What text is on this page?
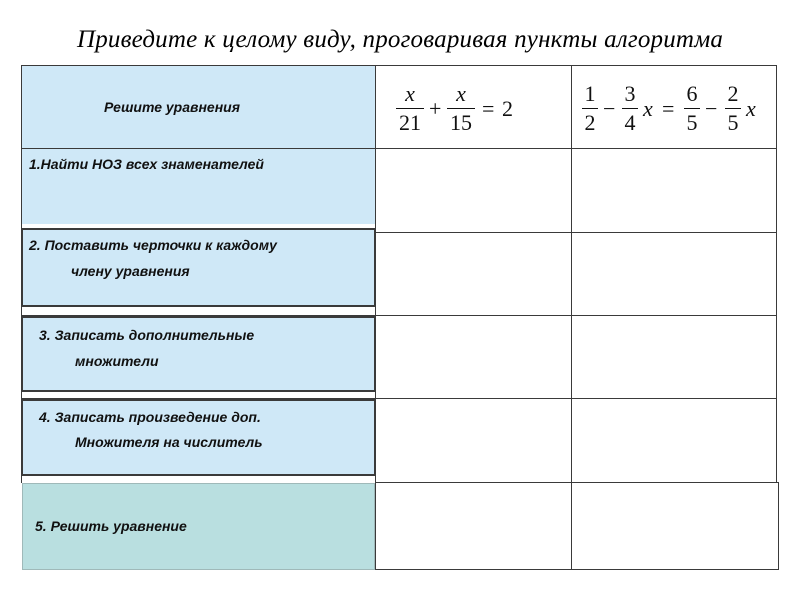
Приведите к целому виду, проговаривая пункты алгоритма
Решите уравнения
x
21
+
x
15
= 2
1
2
−
3
4
x =
6
5
−
2
5
x
1.Найти НОЗ всех знаменателей
2. Поставить черточки к каждому
члену уравнения
3. Записать дополнительные
множители
4. Записать произведение доп.
Множителя на числитель
5. Решить уравнение
